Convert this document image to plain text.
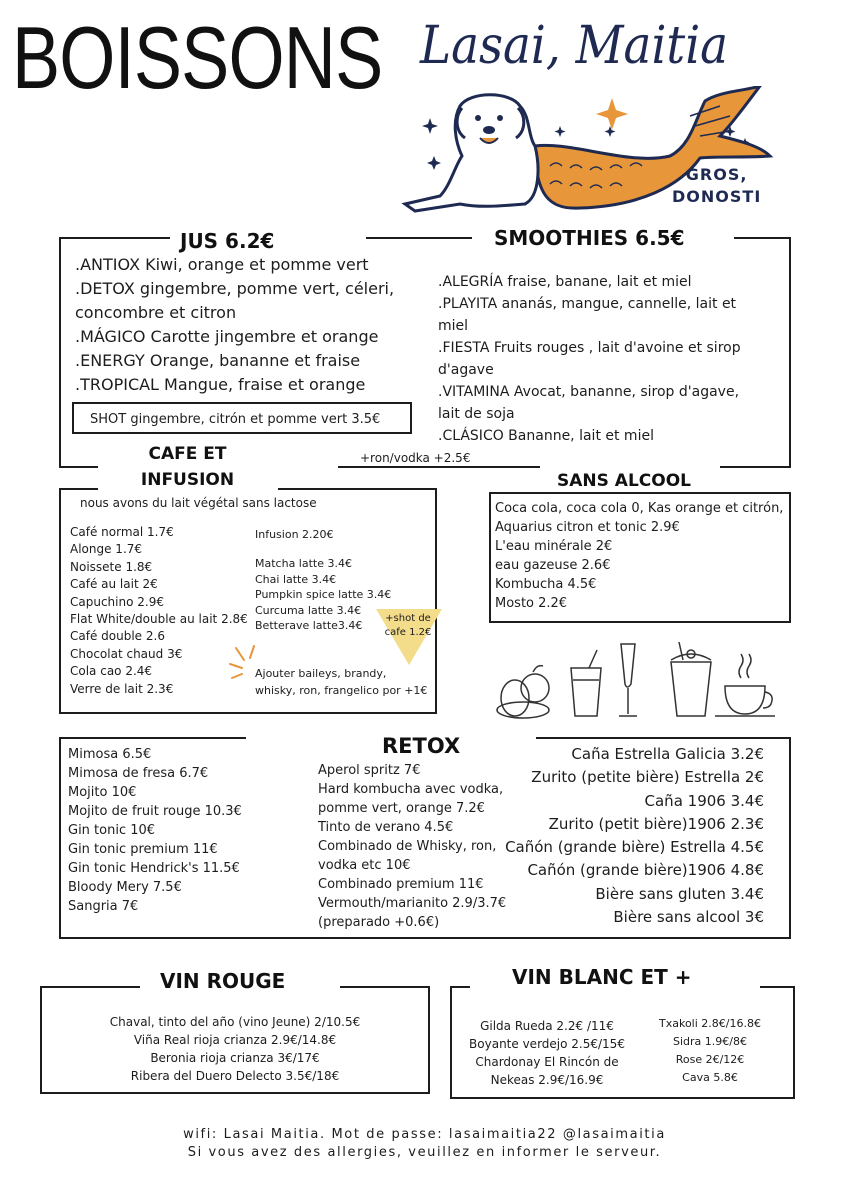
BOISSONS Lasai, Maitia
GROS,
DONOSTI
JUS 6.2€
.ANTIOX Kiwi, orange et pomme vert
.DETOX gingembre, pomme vert, céleri,
concombre et citron
.MÁGICO Carotte jingembre et orange
.ENERGY Orange, bananne et fraise
.TROPICAL Mangue, fraise et orange
SHOT gingembre, citrón et pomme vert 3.5€
SMOOTHIES 6.5€
.ALEGRÍA fraise, banane, lait et miel
.PLAYITA ananás, mangue, cannelle, lait et
miel
.FIESTA Fruits rouges , lait d'avoine et sirop
d'agave
.VITAMINA Avocat, bananne, sirop d'agave,
lait de soja
.CLÁSICO Bananne, lait et miel
+ron/vodka +2.5€
CAFE ET
INFUSION
nous avons du lait végétal sans lactose
Café normal 1.7€
Alonge 1.7€
Noissete 1.8€
Café au lait 2€
Capuchino 2.9€
Flat White/double au lait 2.8€
Café double 2.6
Chocolat chaud 3€
Cola cao 2.4€
Verre de lait 2.3€
Infusion 2.20€
Matcha latte 3.4€
Chai latte 3.4€
Pumpkin spice latte 3.4€
Curcuma latte 3.4€
Betterave latte3.4€
+shot de
cafe 1.2€
Ajouter baileys, brandy,
whisky, ron, frangelico por +1€
SANS ALCOOL
Coca cola, coca cola 0, Kas orange et citrón,
Aquarius citron et tonic 2.9€
L'eau minérale 2€
eau gazeuse 2.6€
Kombucha 4.5€
Mosto 2.2€
RETOX
Mimosa 6.5€
Mimosa de fresa 6.7€
Mojito 10€
Mojito de fruit rouge 10.3€
Gin tonic 10€
Gin tonic premium 11€
Gin tonic Hendrick's 11.5€
Bloody Mery 7.5€
Sangria 7€
Aperol spritz 7€
Hard kombucha avec vodka,
pomme vert, orange 7.2€
Tinto de verano 4.5€
Combinado de Whisky, ron,
vodka etc 10€
Combinado premium 11€
Vermouth/marianito 2.9/3.7€
(preparado +0.6€)
Caña Estrella Galicia 3.2€
Zurito (petite bière) Estrella 2€
Caña 1906 3.4€
Zurito (petit bière)1906 2.3€
Cañón (grande bière) Estrella 4.5€
Cañón (grande bière)1906 4.8€
Bière sans gluten 3.4€
Bière sans alcool 3€
VIN ROUGE
Chaval, tinto del año (vino Jeune) 2/10.5€
Viña Real rioja crianza 2.9€/14.8€
Beronia rioja crianza 3€/17€
Ribera del Duero Delecto 3.5€/18€
VIN BLANC ET +
Gilda Rueda 2.2€ /11€
Boyante verdejo 2.5€/15€
Chardonay El Rincón de
Nekeas 2.9€/16.9€
Txakoli 2.8€/16.8€
Sidra 1.9€/8€
Rose 2€/12€
Cava 5.8€
wifi: Lasai Maitia. Mot de passe: lasaimaitia22 @lasaimaitia
Si vous avez des allergies, veuillez en informer le serveur.
